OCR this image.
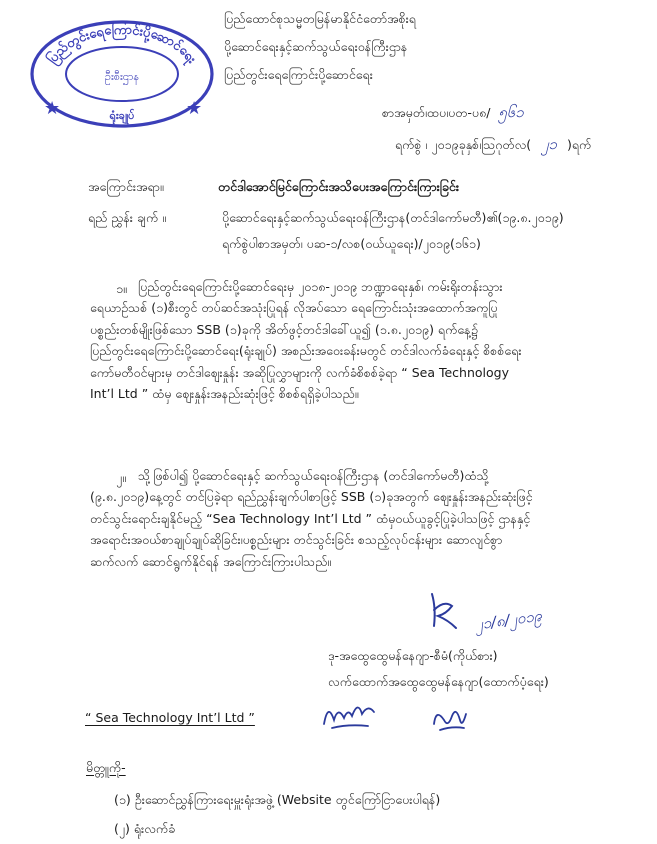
ပြည်တွင်းရေကြောင်းပို့ဆောင်ရေး
ဦးစီးဌာန
ရုံးချုပ်
★	★
ပြည်ထောင်စုသမ္မတမြန်မာနိုင်ငံတော်အစိုးရ
ပို့ဆောင်ရေးနှင့်ဆက်သွယ်ရေးဝန်ကြီးဌာန
ပြည်တွင်းရေကြောင်းပို့ဆောင်ရေး
စာအမှတ်၊ထပ၊ပတ-ပ၈/ ၅၆၁
ရက်စွဲ ၊ ၂၀၁၉ခုနှစ်၊ဩဂုတ်လ( ၂၁ )ရက်
အကြောင်းအရာ။	တင်ဒါအောင်မြင်ကြောင်းအသိပေးအကြောင်းကြားခြင်း
ရည် ညွှန်း ချက် ။	ပို့ဆောင်ရေးနှင့်ဆက်သွယ်ရေးဝန်ကြီးဌာန(တင်ဒါကော်မတီ)၏(၁၉.၈.၂၀၁၉)
ရက်စွဲပါစာအမှတ်၊ ပဆ-၁/လစ(ဝယ်ယူရေး)/၂၀၁၉(၁၆၁)
၁။ ပြည်တွင်းရေကြောင်းပို့ဆောင်ရေးမှ ၂၀၁၈-၂၀၁၉ ဘဏ္ဍာရေးနှစ်၊ ကမ်းရိုးတန်းသွား
ရေယာဉ်သစ် (၁)စီးတွင် တပ်ဆင်အသုံးပြုရန် လိုအပ်သော ရေကြောင်းသုံးအထောက်အကူပြု
ပစ္စည်းတစ်မျိုးဖြစ်သော SSB (၁)ခုကို အိတ်ဖွင့်တင်ဒါခေါ်ယူ၍ (၁.၈.၂၀၁၉) ရက်နေ့၌
ပြည်တွင်းရေကြောင်းပို့ဆောင်ရေး(ရုံးချုပ်) အစည်းအဝေးခန်းမတွင် တင်ဒါလက်ခံရေးနှင့် စိစစ်ရေး
ကော်မတီဝင်များမှ တင်ဒါဈေးနှုန်း အဆိုပြုလွှာများကို လက်ခံစိစစ်ခဲ့ရာ “ Sea Technology
Int’l Ltd ” ထံမှ ဈေးနှုန်းအနည်းဆုံးဖြင့် စိစစ်ရရှိခဲ့ပါသည်။
၂။ သို့ဖြစ်ပါ၍ ပို့ဆောင်ရေးနှင့် ဆက်သွယ်ရေးဝန်ကြီးဌာန (တင်ဒါကော်မတီ)ထံသို့
(၉.၈.၂၀၁၉)နေ့တွင် တင်ပြခဲ့ရာ ရည်ညွှန်းချက်ပါစာဖြင့် SSB (၁)ခုအတွက် ဈေးနှုန်းအနည်းဆုံးဖြင့်
တင်သွင်းရောင်းချနိုင်မည့် “Sea Technology Int’l Ltd ” ထံမှဝယ်ယူခွင့်ပြုခဲ့ပါသဖြင့် ဌာနနှင့်
အရောင်းအဝယ်စာချုပ်ချုပ်ဆိုခြင်း၊ပစ္စည်းများ တင်သွင်းခြင်း စသည့်လုပ်ငန်းများ ဆောလျင်စွာ
ဆက်လက် ဆောင်ရွက်နိုင်ရန် အကြောင်းကြားပါသည်။
၂၁/၈/၂၀၁၉
ဒု-အထွေထွေမန်နေဂျာ-စီမံ(ကိုယ်စား)
လက်ထောက်အထွေထွေမန်နေဂျာ(ထောက်ပံ့ရေး)
“ Sea Technology Int’l Ltd ”
မိတ္တူကို-
(၁) ဦးဆောင်ညွှန်ကြားရေးမှူးရုံးအဖွဲ့ (Website တွင်ကြော်ငြာပေးပါရန်)
(၂) ရုံးလက်ခံ
